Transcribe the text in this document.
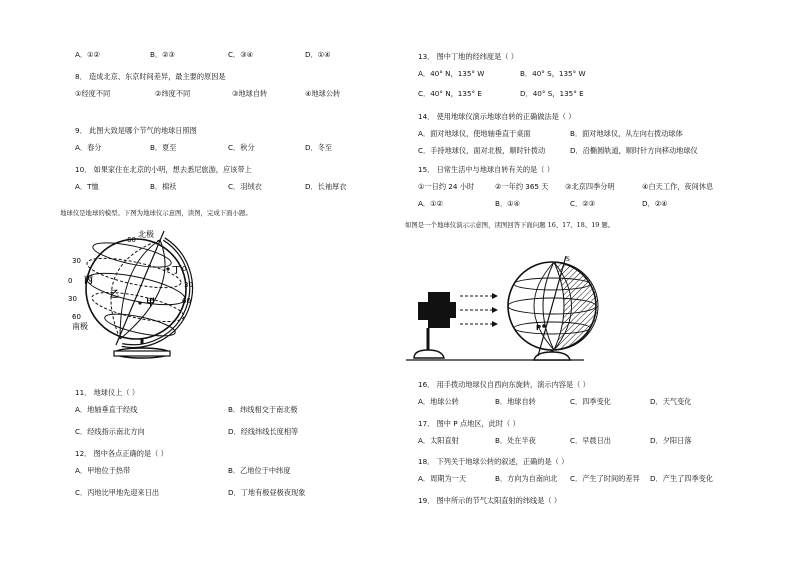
A．①②	B．②③	C．③④	D．①④
8． 造成北京、东京时间差异，最主要的原因是
①经度不同	②纬度不同	③地球自转	④地球公转
9． 此图大致是哪个节气的地球日照图
A．春分	B．夏至	C．秋分	D．冬至
10． 如果家住在北京的小明，想去悉尼旅游，应该带上
A．T恤	B．棉袄	C．羽绒衣	D．长袖厚衣
地球仪是地球的模型。下图为地球仪示意图，读图，完成下面小题。
北极
南极
60
30
0
30
60
0
30
60
丙
乙
甲
丁
11． 地球仪上（ ）
A．地轴垂直于经线	B．纬线相交于南北极
C．经线指示南北方向	D．经线纬线长度相等
12． 图中各点正确的是（ ）
A．甲地位于热带	B．乙地位于中纬度
C．丙地比甲地先迎来日出	D．丁地有极昼极夜现象
13． 图中丁地的经纬度是（ ）
A．40° N，135° W	B．40° S，135° W
C．40° N，135° E	D．40° S，135° E
14． 使用地球仪演示地球自转的正确做法是（ ）
A．面对地球仪，使地轴垂直于桌面	B．面对地球仪，从左向右拨动球体
C．手持地球仪，面对北极，顺时针拨动	D．沿椭圆轨道，顺时针方向移动地球仪
15． 日常生活中与地球自转有关的是（ ）
①一日约 24 小时	②一年约 365 天 ③北京四季分明	④白天工作，夜间休息
A．①②	B．①④	C．②③	D．②④
如图是一个地球仪演示示意图，读图回答下面问题 16、17、18、19 题。
S
P
16． 用手拨动地球仪自西向东旋转，演示内容是（ ）
A．地球公转	B．地球自转	C．四季变化	D．天气变化
17． 图中 P 点地区，此时（ ）
A．太阳直射	B．处在半夜	C．早晨日出	D．夕阳日落
18． 下列关于地球公转的叙述，正确的是（ ）
A．周期为一天	B．方向为自南向北 C．产生了时间的差异 D．产生了四季变化
19． 图中所示的节气太阳直射的纬线是（ ）
